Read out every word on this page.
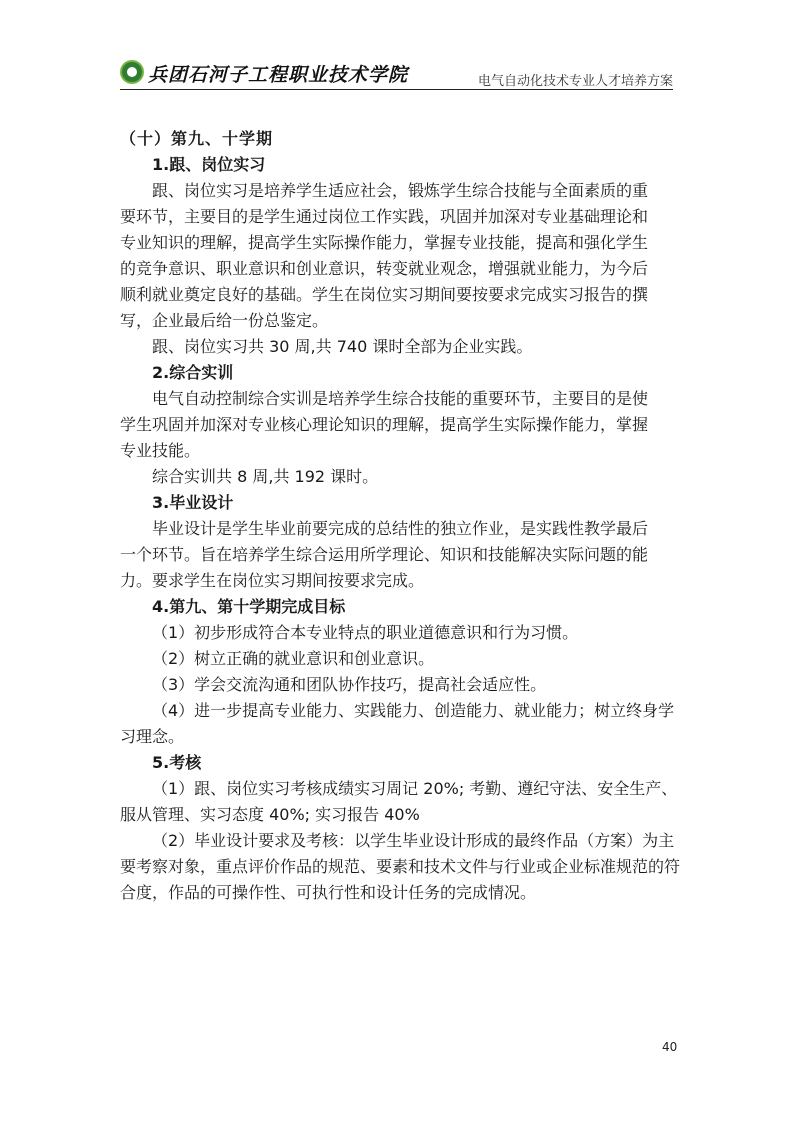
兵团石河子工程职业技术学院	电气自动化技术专业人才培养方案
（十）第九、十学期
1.跟、岗位实习
跟、岗位实习是培养学生适应社会，锻炼学生综合技能与全面素质的重
要环节，主要目的是学生通过岗位工作实践，巩固并加深对专业基础理论和
专业知识的理解，提高学生实际操作能力，掌握专业技能，提高和强化学生
的竞争意识、职业意识和创业意识，转变就业观念，增强就业能力，为今后
顺利就业奠定良好的基础。学生在岗位实习期间要按要求完成实习报告的撰
写，企业最后给一份总鉴定。
跟、岗位实习共 30 周,共 740 课时全部为企业实践。
2.综合实训
电气自动控制综合实训是培养学生综合技能的重要环节，主要目的是使
学生巩固并加深对专业核心理论知识的理解，提高学生实际操作能力，掌握
专业技能。
综合实训共 8 周,共 192 课时。
3.毕业设计
毕业设计是学生毕业前要完成的总结性的独立作业，是实践性教学最后
一个环节。旨在培养学生综合运用所学理论、知识和技能解决实际问题的能
力。要求学生在岗位实习期间按要求完成。
4.第九、第十学期完成目标
（1）初步形成符合本专业特点的职业道德意识和行为习惯。
（2）树立正确的就业意识和创业意识。
（3）学会交流沟通和团队协作技巧，提高社会适应性。
（4）进一步提高专业能力、实践能力、创造能力、就业能力；树立终身学
习理念。
5.考核
（1）跟、岗位实习考核成绩实习周记 20%; 考勤、遵纪守法、安全生产、
服从管理、实习态度 40%; 实习报告 40%
（2）毕业设计要求及考核：以学生毕业设计形成的最终作品（方案）为主
要考察对象，重点评价作品的规范、要素和技术文件与行业或企业标准规范的符
合度，作品的可操作性、可执行性和设计任务的完成情况。
40
